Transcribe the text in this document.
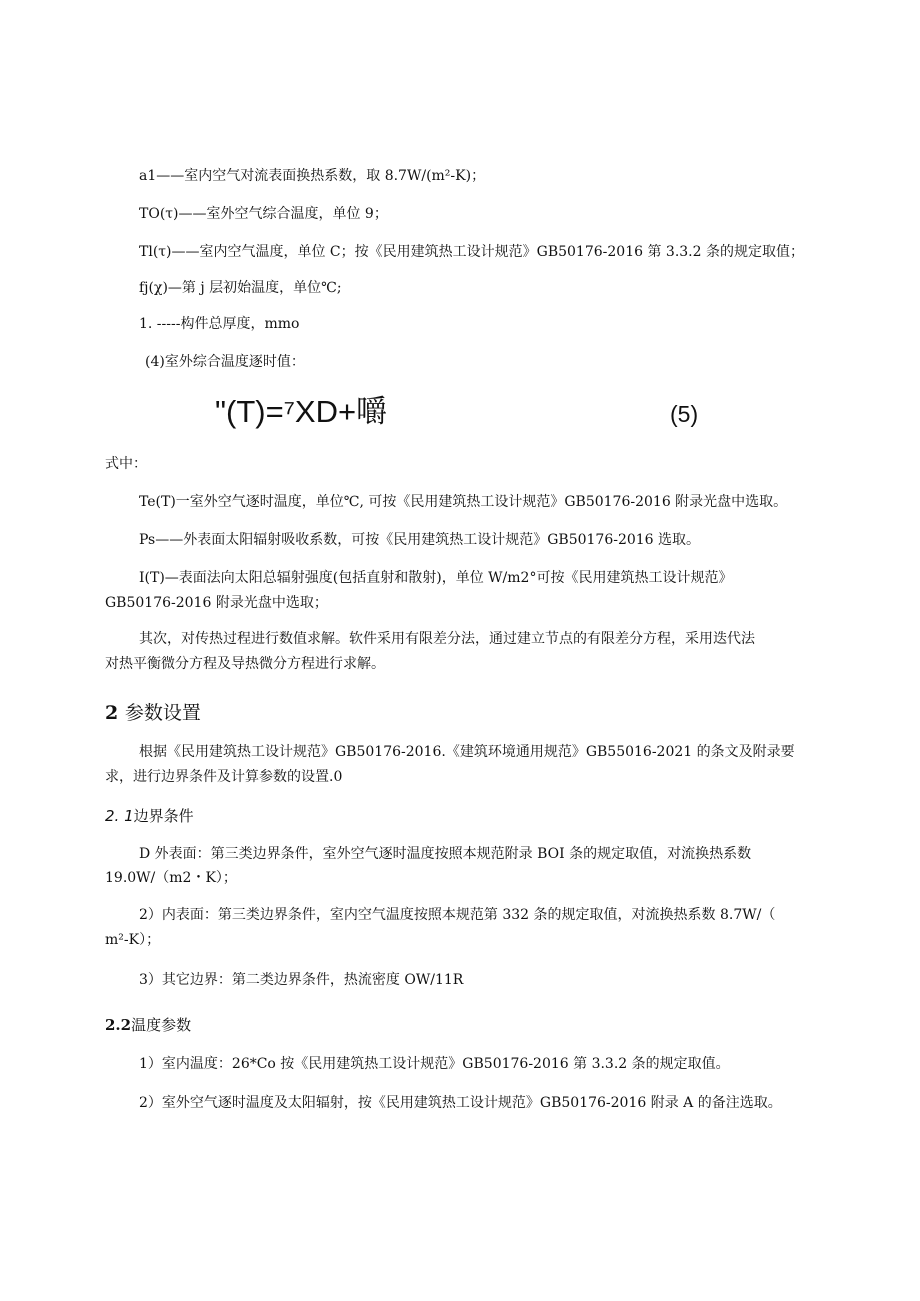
a1——室内空气对流表面换热系数，取 8.7W/(m²-K)；
TO(τ)——室外空气综合温度，单位 9；
Tl(τ)——室内空气温度，单位 C；按《民用建筑热工设计规范》GB50176-2016 第 3.3.2 条的规定取值；
fj(χ)—第 j 层初始温度，单位℃;
1. -----构件总厚度，mmo
(4)室外综合温度逐时值：
"(T)=⁷XD+嚼	(5)
式中：
Te(T)一室外空气逐时温度，单位℃, 可按《民用建筑热工设计规范》GB50176-2016 附录光盘中选取。
Ps——外表面太阳辐射吸收系数，可按《民用建筑热工设计规范》GB50176-2016 选取。
I(T)—表面法向太阳总辐射强度(包括直射和散射)，单位 W/m2°可按《民用建筑热工设计规范》
GB50176-2016 附录光盘中选取；
其次，对传热过程进行数值求解。软件采用有限差分法，通过建立节点的有限差分方程，采用迭代法
对热平衡微分方程及导热微分方程进行求解。
2 参数设置
根据《民用建筑热工设计规范》GB50176-2016.《建筑环境通用规范》GB55016-2021 的条文及附录要
求，进行边界条件及计算参数的设置.0
2. 1边界条件
D 外表面：第三类边界条件，室外空气逐时温度按照本规范附录 BOI 条的规定取值，对流换热系数
19.0W/（m2・K）；
2）内表面：第三类边界条件，室内空气温度按照本规范第 332 条的规定取值，对流换热系数 8.7W/（
m²-K）；
3）其它边界：第二类边界条件，热流密度 OW/11R
2.2温度参数
1）室内温度：26*Co 按《民用建筑热工设计规范》GB50176-2016 第 3.3.2 条的规定取值。
2）室外空气逐时温度及太阳辐射，按《民用建筑热工设计规范》GB50176-2016 附录 A 的备注选取。
